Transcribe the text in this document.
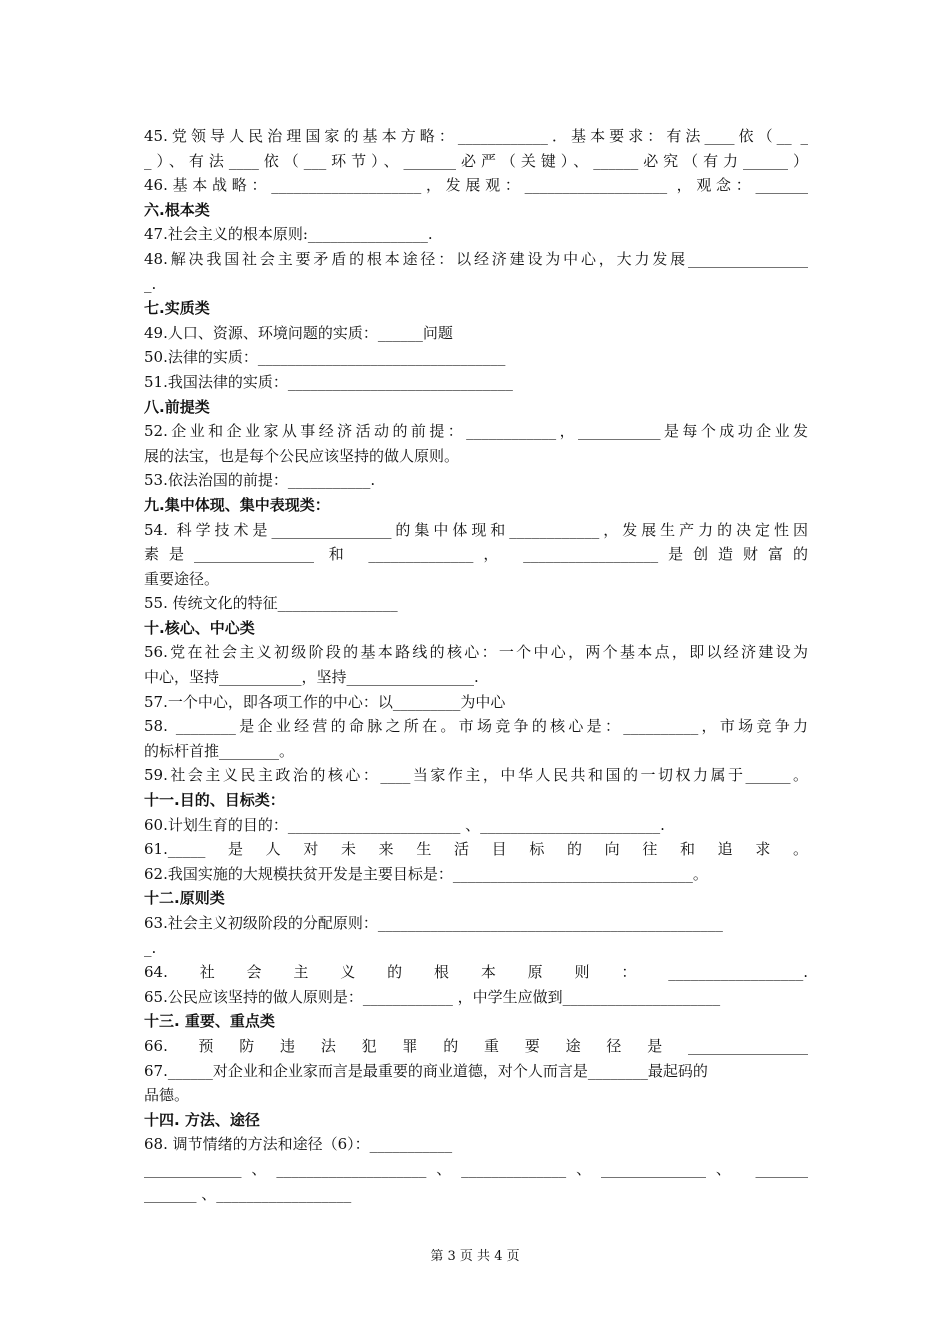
45.党领导人民治理国家的基本方略：____________．基本要求：有法____依（__ _
_）、有法____依（___环节）、_______必严（关键）、______必究（有力______）
46.基本战略：____________________，发展观：___________________ ，观念：_______
六.根本类
47.社会主义的根本原则:________________.
48.解决我国社会主要矛盾的根本途径：以经济建设为中心，大力发展________________
_.
七.实质类
49.人口、资源、环境问题的实质：______问题
50.法律的实质：_________________________________
51.我国法律的实质：______________________________
八.前提类
52.企业和企业家从事经济活动的前提：____________，___________是每个成功企业发
展的法宝，也是每个公民应该坚持的做人原则。
53.依法治国的前提：___________.
九.集中体现、集中表现类：
54. 科学技术是________________的集中体现和____________，发展生产力的决定性因
素是________________ 和 ______________， __________________是创造财富的
重要途径。
55. 传统文化的特征________________
十.核心、中心类
56.党在社会主义初级阶段的基本路线的核心：一个中心，两个基本点，即以经济建设为
中心，坚持___________，坚持_________________.
57.一个中心，即各项工作的中心：以_________为中心
58. ________是企业经营的命脉之所在。市场竞争的核心是：__________，市场竞争力
的标杆首推________。
59.社会主义民主政治的核心：____当家作主，中华人民共和国的一切权力属于______。
十一.目的、目标类：
60.计划生育的目的：_______________________ 、________________________.
61._____是人对未来生活目标的向往和追求。
62.我国实施的大规模扶贫开发是主要目标是：________________________________。
十二.原则类
63.社会主义初级阶段的分配原则：______________________________________________
_.
64.社会主义的根本原则：__________________.
65.公民应该坚持的做人原则是：____________ ，中学生应做到_____________________
十三. 重要、重点类
66. 预防违法犯罪的重要途径是________________
67.______对企业和企业家而言是最重要的商业道德，对个人而言是________最起码的
品德。
十四. 方法、途径
68. 调节情绪的方法和途径（6）：___________
_____________、____________________、______________、______________、 _______
_______ 、__________________
第 3 页 共 4 页
